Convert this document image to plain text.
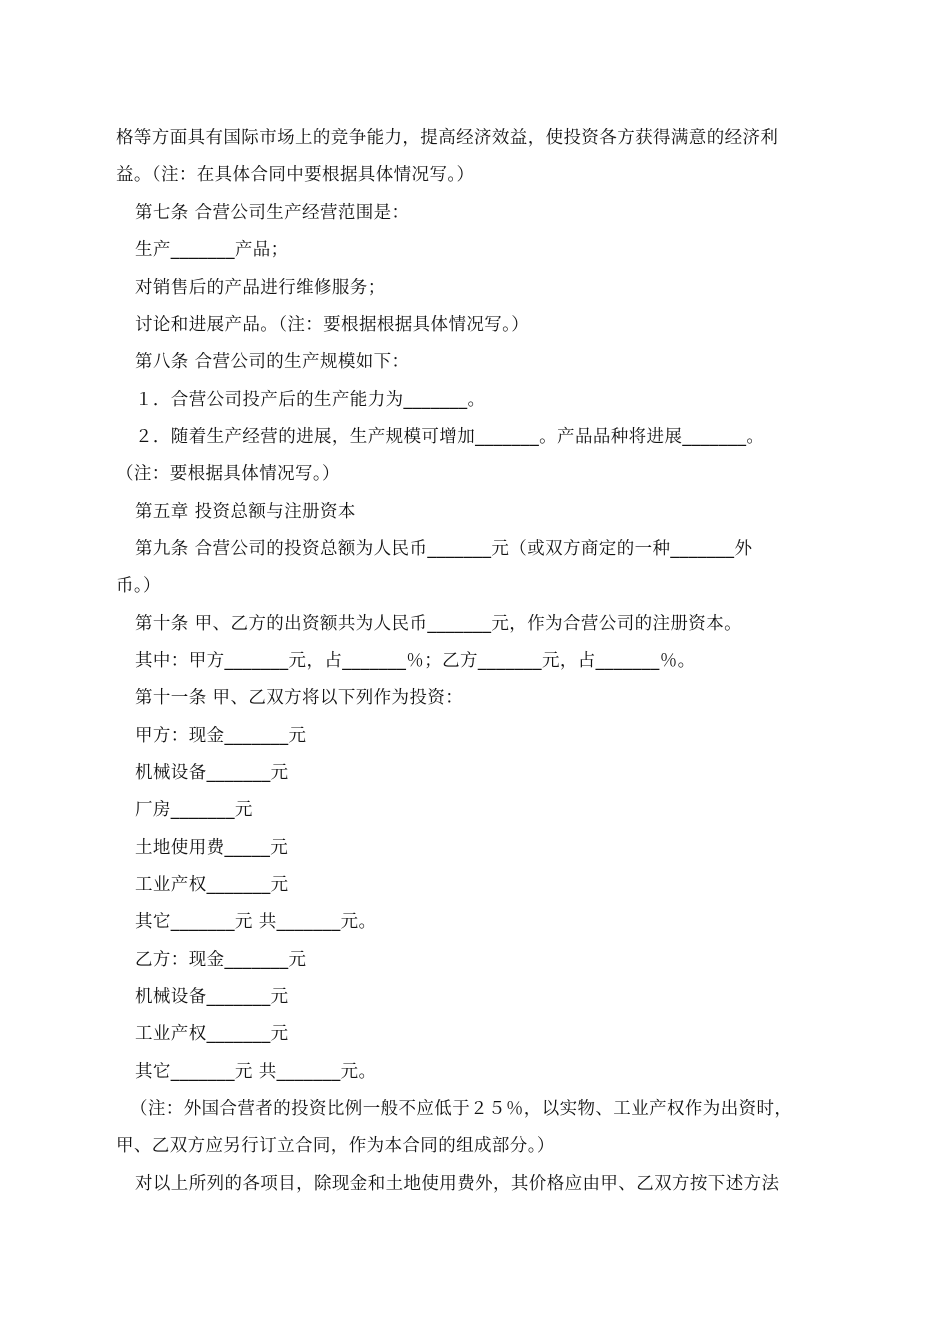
格等方面具有国际市场上的竞争能力，提高经济效益，使投资各方获得满意的经济利
益。（注：在具体合同中要根据具体情况写。）
第七条 合营公司生产经营范围是：
生产_______产品；
对销售后的产品进行维修服务；
讨论和进展产品。（注：要根据根据具体情况写。）
第八条 合营公司的生产规模如下：
１．合营公司投产后的生产能力为_______。
２．随着生产经营的进展，生产规模可增加_______。产品品种将进展_______。
（注：要根据具体情况写。）
第五章 投资总额与注册资本
第九条 合营公司的投资总额为人民币_______元（或双方商定的一种_______外
币。）
第十条 甲、乙方的出资额共为人民币_______元，作为合营公司的注册资本。
其中：甲方_______元，占_______％；乙方_______元，占_______％。
第十一条 甲、乙双方将以下列作为投资：
甲方：现金_______元
机械设备_______元
厂房_______元
土地使用费_____元
工业产权_______元
其它_______元 共_______元。
乙方：现金_______元
机械设备_______元
工业产权_______元
其它_______元 共_______元。
（注：外国合营者的投资比例一般不应低于２５％，以实物、工业产权作为出资时，
甲、乙双方应另行订立合同，作为本合同的组成部分。）
对以上所列的各项目，除现金和土地使用费外，其价格应由甲、乙双方按下述方法
